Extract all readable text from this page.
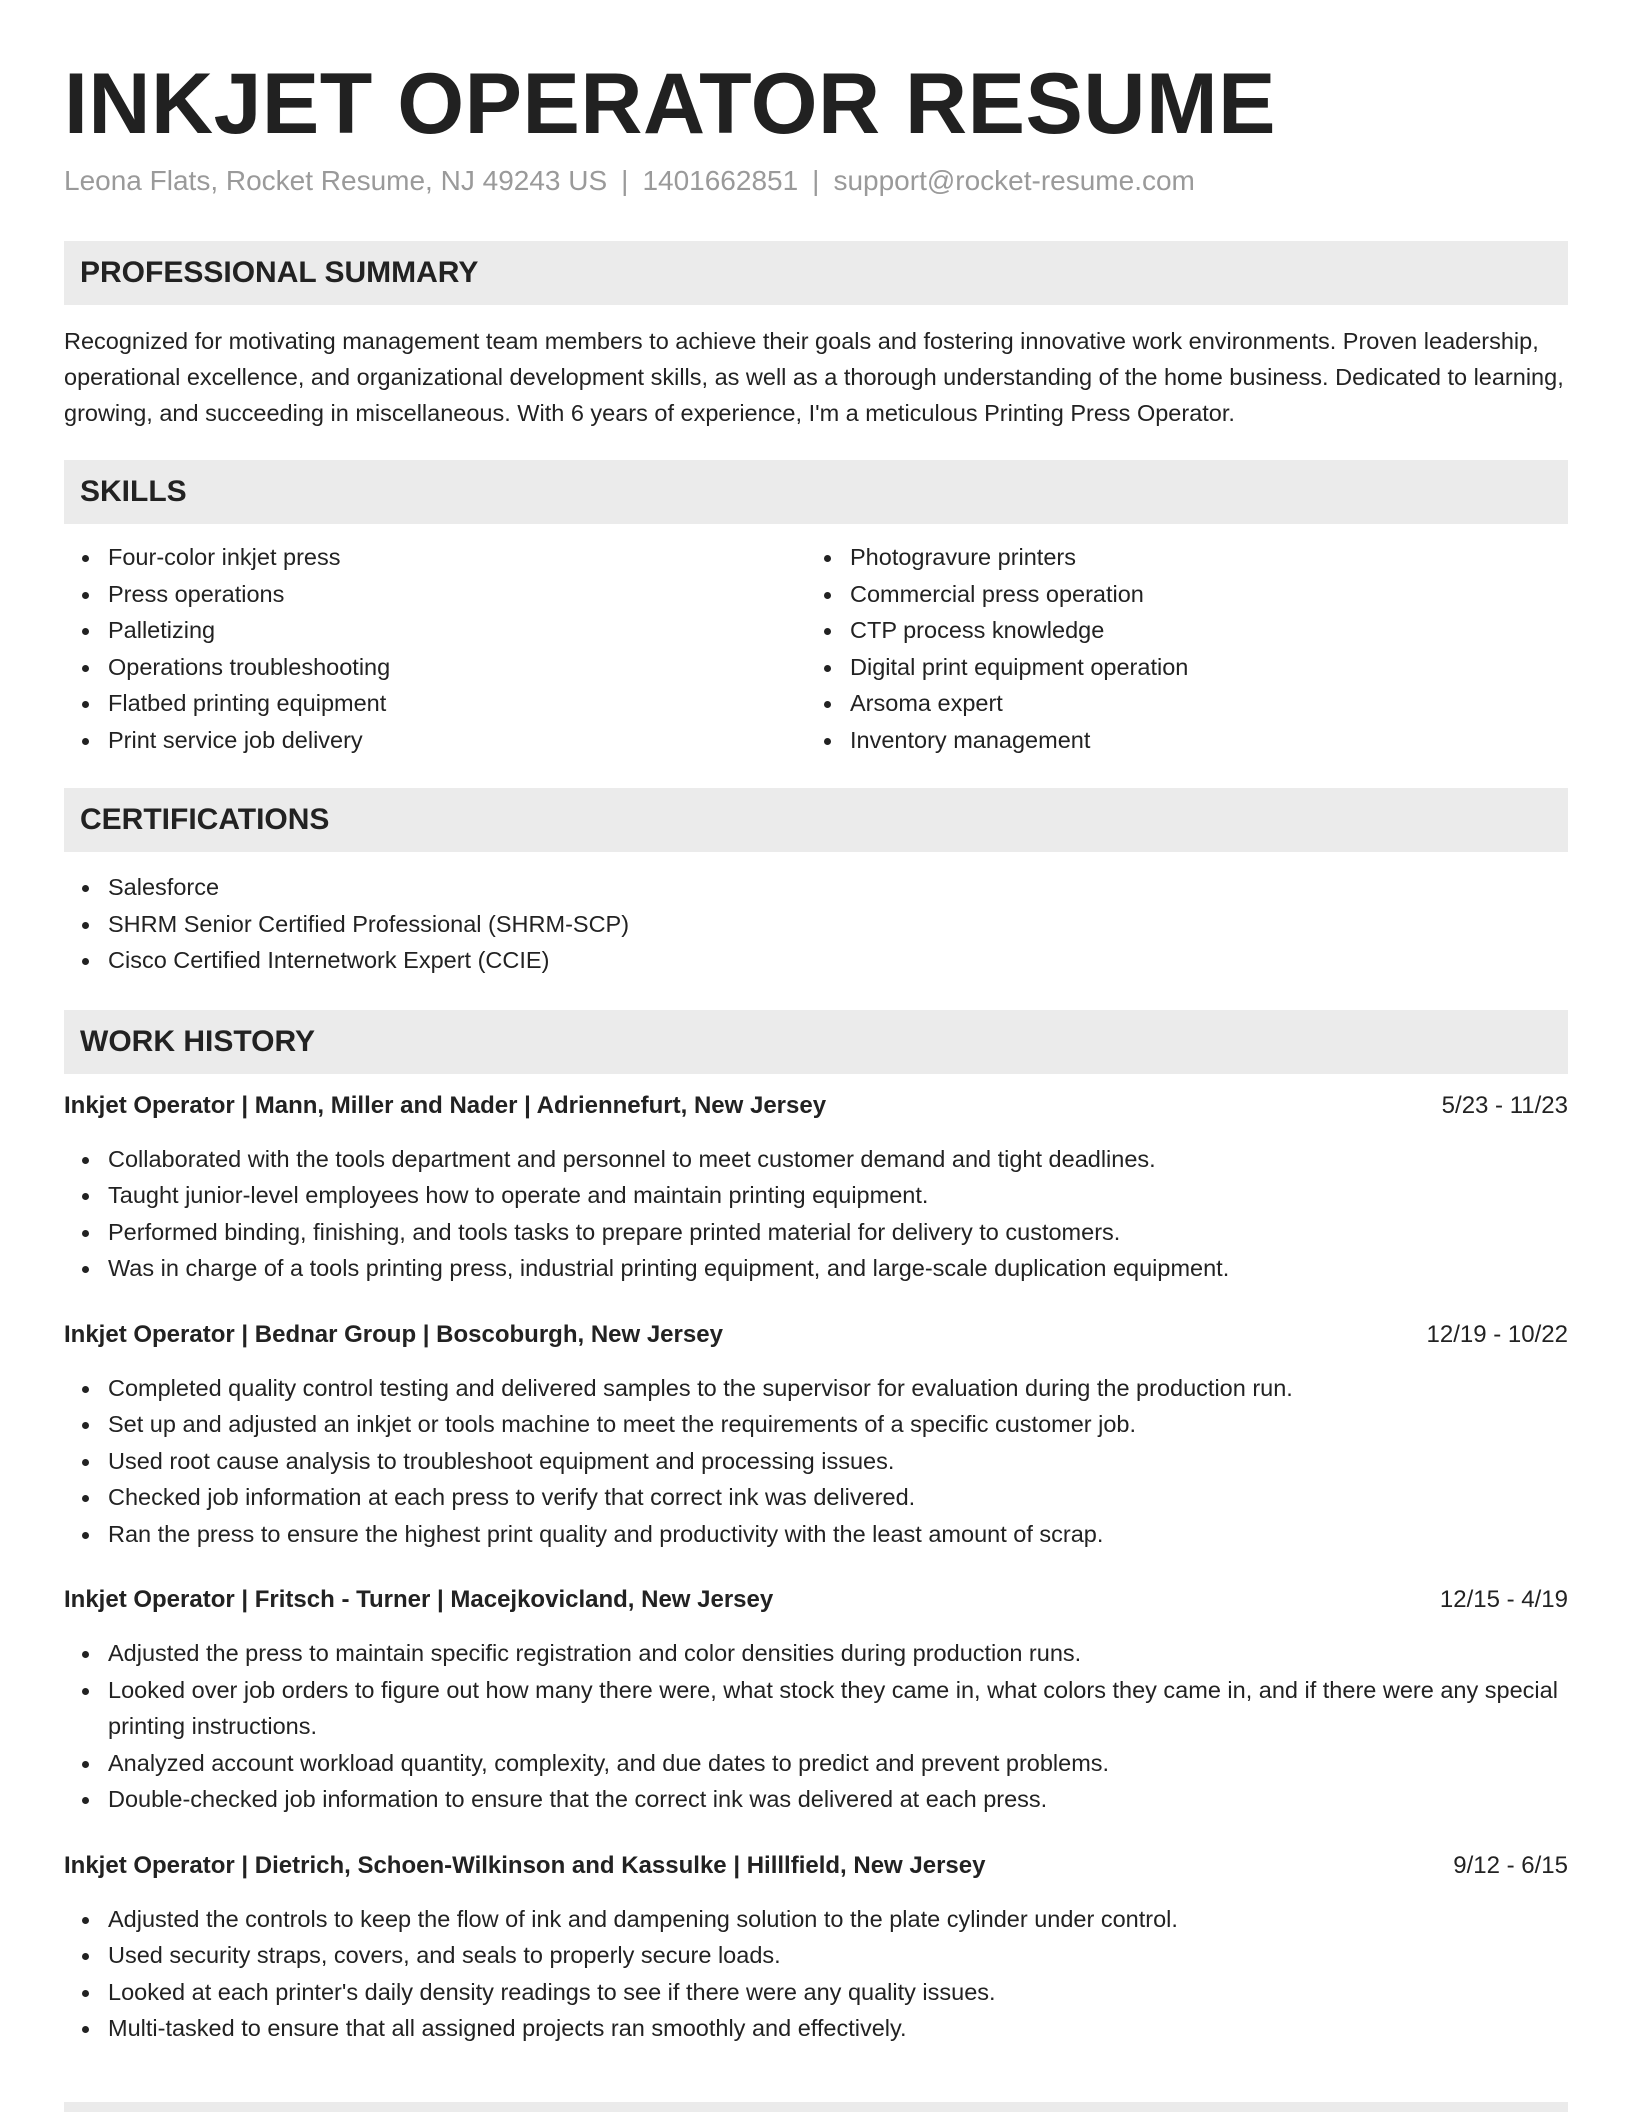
INKJET OPERATOR RESUME
Leona Flats, Rocket Resume, NJ 49243 US | 1401662851 | support@rocket-resume.com
PROFESSIONAL SUMMARY

Recognized for motivating management team members to achieve their goals and fostering innovative work environments. Proven leadership, operational excellence, and organizational development skills, as well as a thorough understanding of the home business. Dedicated to learning, growing, and succeeding in miscellaneous. With 6 years of experience, I'm a meticulous Printing Press Operator.

SKILLS
Four-color inkjet press
Press operations
Palletizing
Operations troubleshooting
Flatbed printing equipment
Print service job delivery
Photogravure printers
Commercial press operation
CTP process knowledge
Digital print equipment operation
Arsoma expert
Inventory management
CERTIFICATIONS
Salesforce
SHRM Senior Certified Professional (SHRM-SCP)
Cisco Certified Internetwork Expert (CCIE)
WORK HISTORY
Inkjet Operator | Mann, Miller and Nader | Adriennefurt, New Jersey	5/23 - 11/23
Collaborated with the tools department and personnel to meet customer demand and tight deadlines.
Taught junior-level employees how to operate and maintain printing equipment.
Performed binding, finishing, and tools tasks to prepare printed material for delivery to customers.
Was in charge of a tools printing press, industrial printing equipment, and large-scale duplication equipment.
Inkjet Operator | Bednar Group | Boscoburgh, New Jersey	12/19 - 10/22
Completed quality control testing and delivered samples to the supervisor for evaluation during the production run.
Set up and adjusted an inkjet or tools machine to meet the requirements of a specific customer job.
Used root cause analysis to troubleshoot equipment and processing issues.
Checked job information at each press to verify that correct ink was delivered.
Ran the press to ensure the highest print quality and productivity with the least amount of scrap.
Inkjet Operator | Fritsch - Turner | Macejkovicland, New Jersey	12/15 - 4/19
Adjusted the press to maintain specific registration and color densities during production runs.
Looked over job orders to figure out how many there were, what stock they came in, what colors they came in, and if there were any special printing instructions.
Analyzed account workload quantity, complexity, and due dates to predict and prevent problems.
Double-checked job information to ensure that the correct ink was delivered at each press.
Inkjet Operator | Dietrich, Schoen-Wilkinson and Kassulke | Hilllfield, New Jersey	9/12 - 6/15
Adjusted the controls to keep the flow of ink and dampening solution to the plate cylinder under control.
Used security straps, covers, and seals to properly secure loads.
Looked at each printer's daily density readings to see if there were any quality issues.
Multi-tasked to ensure that all assigned projects ran smoothly and effectively.
